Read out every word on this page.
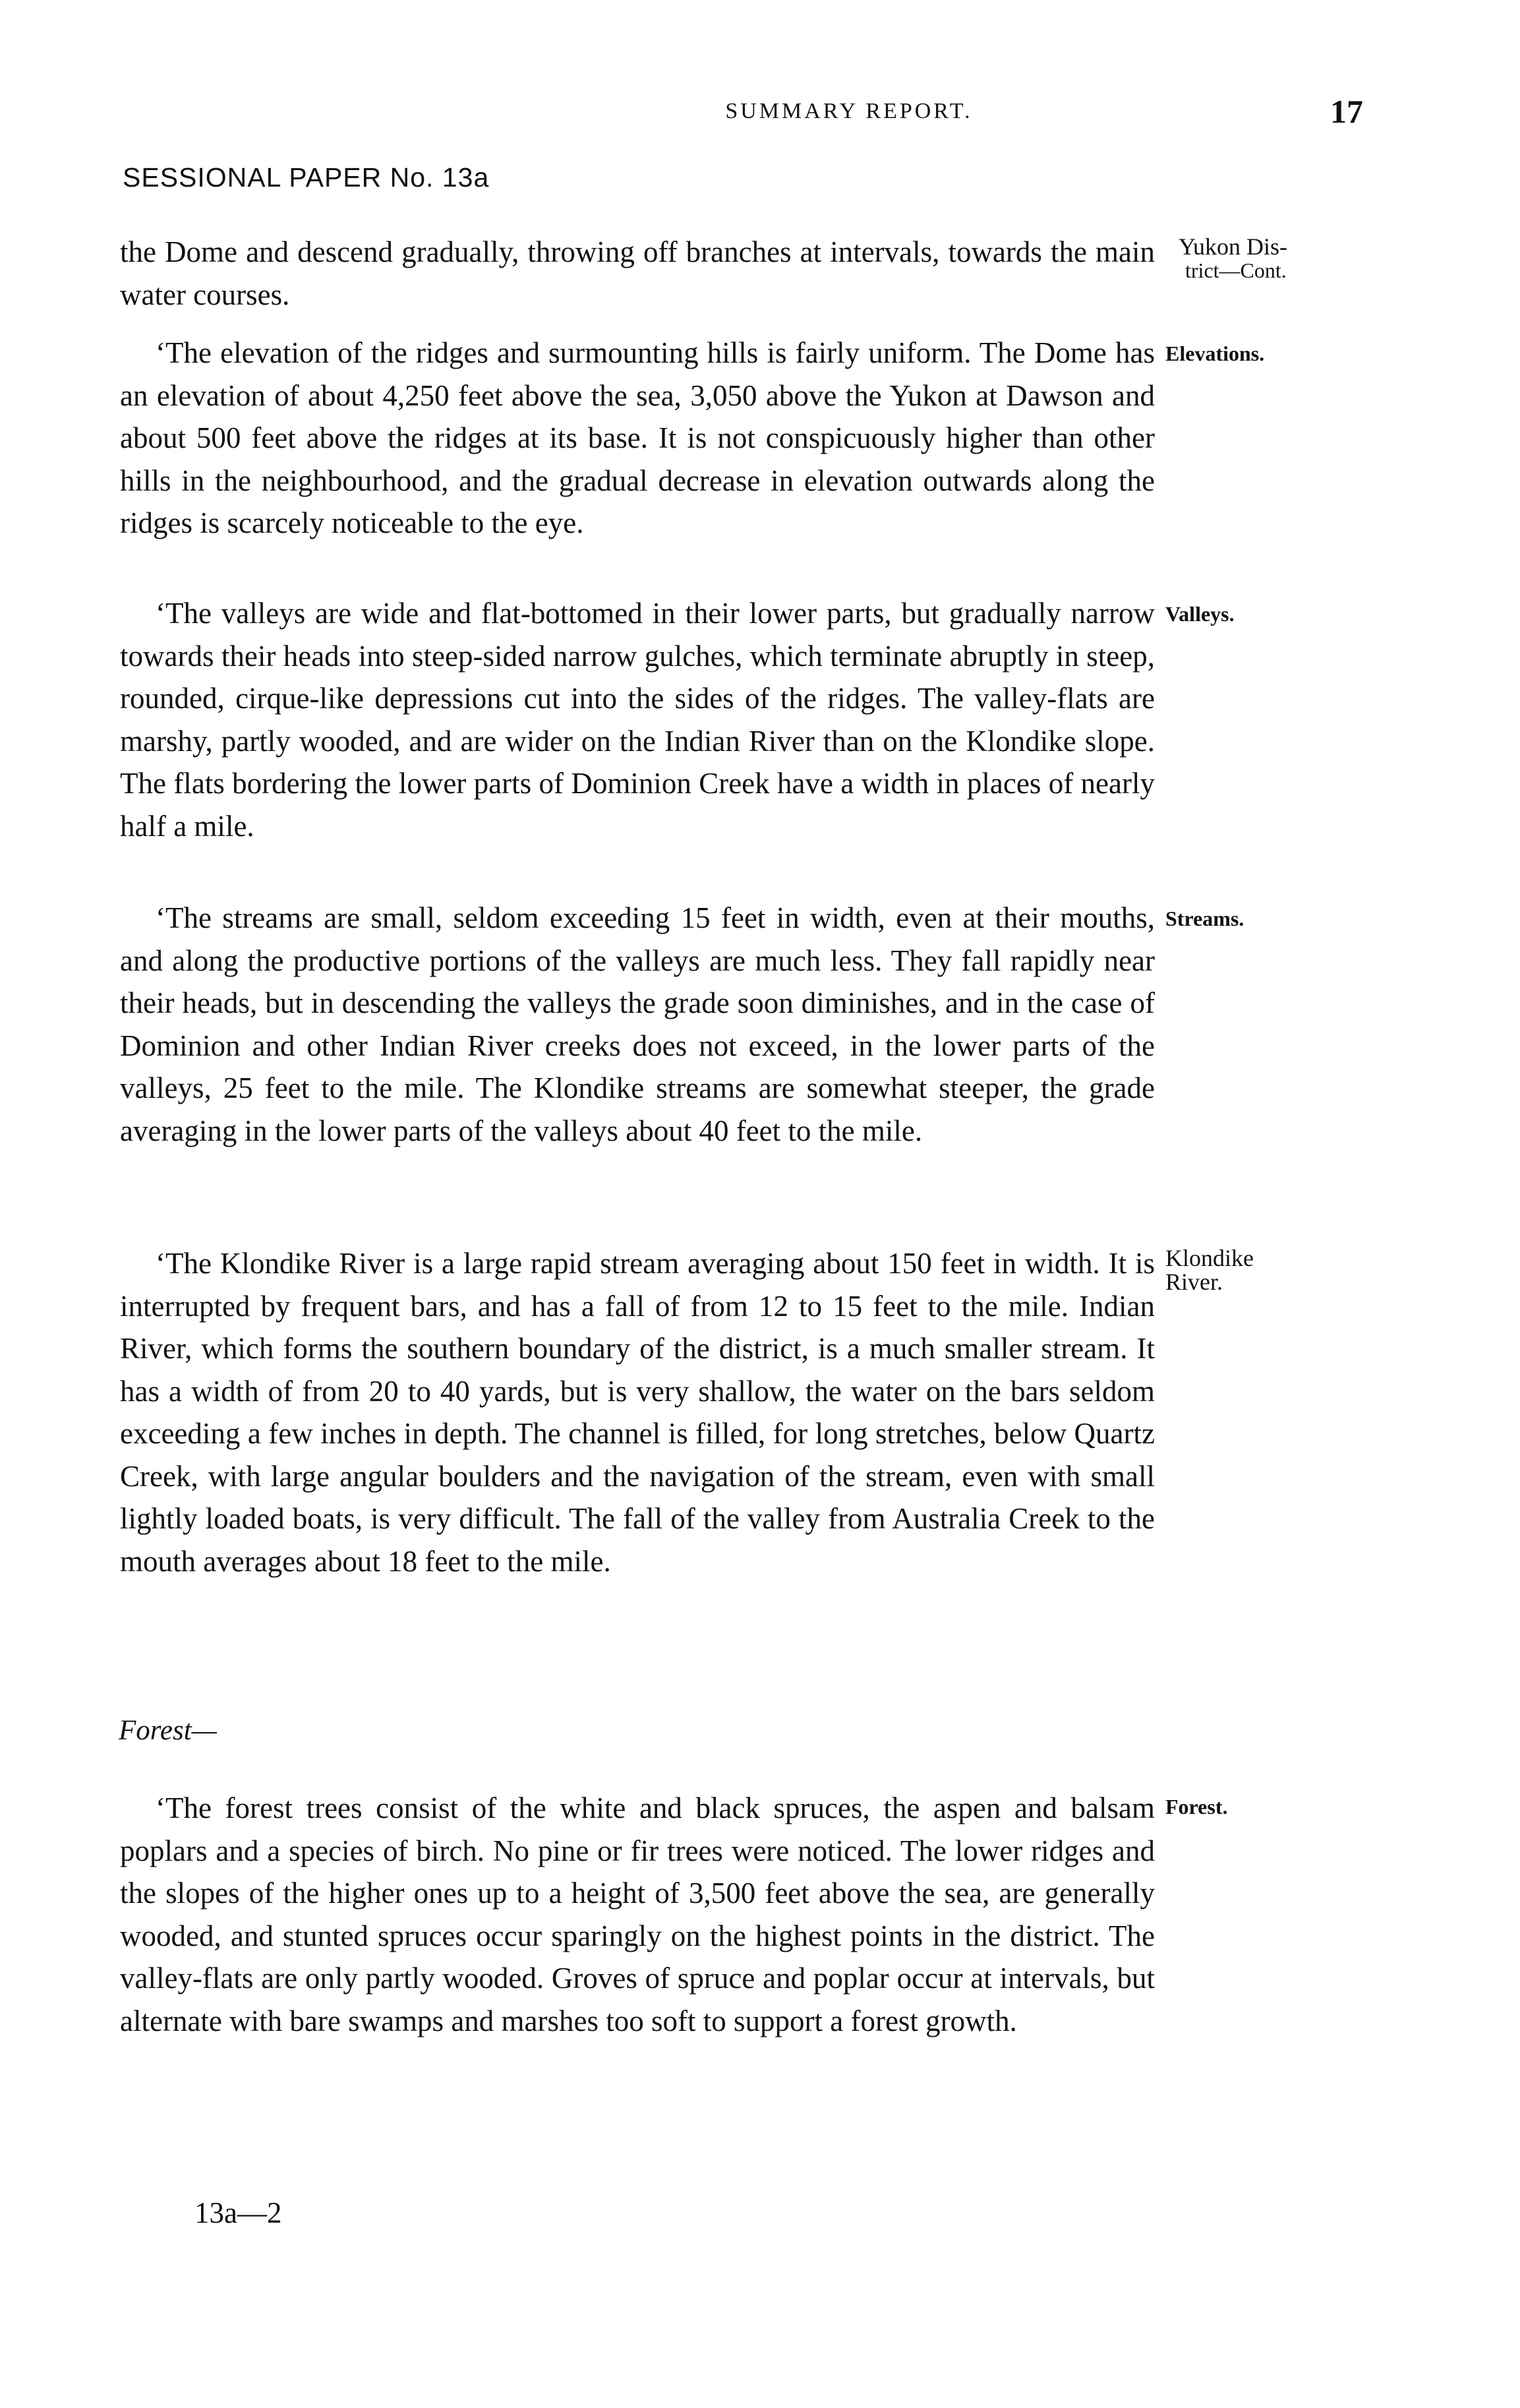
SUMMARY REPORT.	17
SESSIONAL PAPER No. 13a

the Dome and descend gradually, throwing off branches at intervals, towards the main water courses.

Yukon Dis-
trict—Cont.

‘The elevation of the ridges and surmounting hills is fairly uniform. The Dome has an elevation of about 4,250 feet above the sea, 3,050 above the Yukon at Dawson and about 500 feet above the ridges at its base. It is not conspicuously higher than other hills in the neighbourhood, and the gradual decrease in elevation outwards along the ridges is scarcely noticeable to the eye.

Elevations.

‘The valleys are wide and flat-bottomed in their lower parts, but gradually narrow towards their heads into steep-sided narrow gulches, which terminate abruptly in steep, rounded, cirque-like depressions cut into the sides of the ridges. The valley-flats are marshy, partly wooded, and are wider on the Indian River than on the Klondike slope. The flats bordering the lower parts of Dominion Creek have a width in places of nearly half a mile.

Valleys.

‘The streams are small, seldom exceeding 15 feet in width, even at their mouths, and along the productive portions of the valleys are much less. They fall rapidly near their heads, but in descending the valleys the grade soon diminishes, and in the case of Dominion and other Indian River creeks does not exceed, in the lower parts of the valleys, 25 feet to the mile. The Klondike streams are somewhat steeper, the grade averaging in the lower parts of the valleys about 40 feet to the mile.

Streams.

‘The Klondike River is a large rapid stream averaging about 150 feet in width. It is interrupted by frequent bars, and has a fall of from 12 to 15 feet to the mile. Indian River, which forms the southern boundary of the district, is a much smaller stream. It has a width of from 20 to 40 yards, but is very shallow, the water on the bars seldom exceeding a few inches in depth. The channel is filled, for long stretches, below Quartz Creek, with large angular boulders and the navigation of the stream, even with small lightly loaded boats, is very difficult. The fall of the valley from Australia Creek to the mouth averages about 18 feet to the mile.

Klondike
River.
Forest—

‘The forest trees consist of the white and black spruces, the aspen and balsam poplars and a species of birch. No pine or fir trees were noticed. The lower ridges and the slopes of the higher ones up to a height of 3,500 feet above the sea, are generally wooded, and stunted spruces occur sparingly on the highest points in the district. The valley-flats are only partly wooded. Groves of spruce and poplar occur at intervals, but alternate with bare swamps and marshes too soft to support a forest growth.

Forest.
13a—2
